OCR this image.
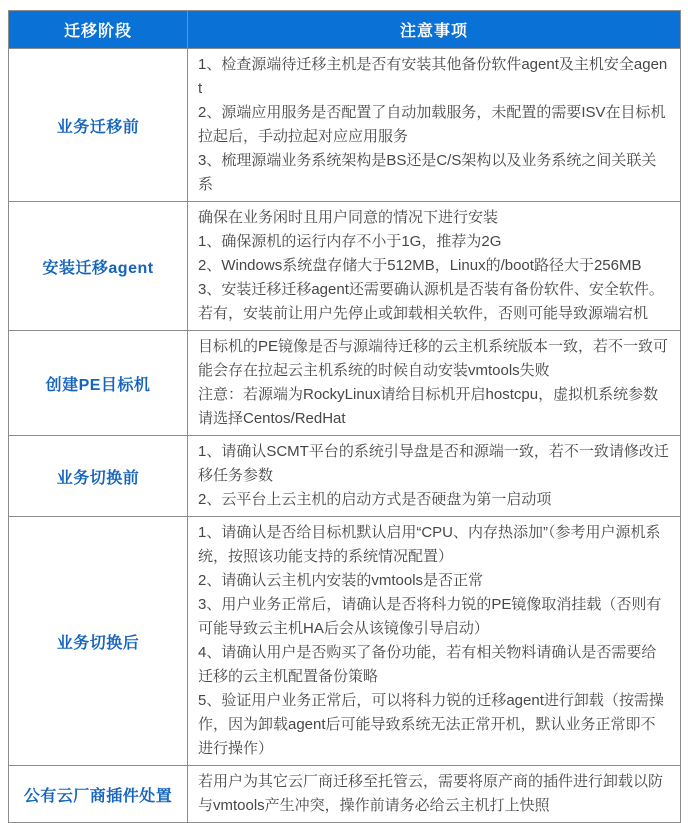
迁移阶段	注意事项
业务迁移前	1、检查源端待迁移主机是否有安装其他备份软件agent及主机安全agent
2、源端应用服务是否配置了自动加载服务，未配置的需要ISV在目标机拉起后，手动拉起对应应用服务
3、梳理源端业务系统架构是BS还是C/S架构以及业务系统之间关联关系

安装迁移agent	确保在业务闲时且用户同意的情况下进行安装
1、确保源机的运行内存不小于1G，推荐为2G
2、Windows系统盘存储大于512MB，Linux的/boot路径大于256MB
3、安装迁移迁移agent还需要确认源机是否装有备份软件、安全软件。若有，安装前让用户先停止或卸载相关软件，否则可能导致源端宕机

创建PE目标机	目标机的PE镜像是否与源端待迁移的云主机系统版本一致，若不一致可能会存在拉起云主机系统的时候自动安装vmtools失败
注意：若源端为RockyLinux请给目标机开启hostcpu，虚拟机系统参数请选择Centos/RedHat

业务切换前	1、请确认SCMT平台的系统引导盘是否和源端一致，若不一致请修改迁移任务参数
2、云平台上云主机的启动方式是否硬盘为第一启动项

业务切换后	1、请确认是否给目标机默认启用“CPU、内存热添加”（参考用户源机系统，按照该功能支持的系统情况配置）
2、请确认云主机内安装的vmtools是否正常
3、用户业务正常后，请确认是否将科力锐的PE镜像取消挂载（否则有可能导致云主机HA后会从该镜像引导启动）
4、请确认用户是否购买了备份功能，若有相关物料请确认是否需要给迁移的云主机配置备份策略
5、验证用户业务正常后，可以将科力锐的迁移agent进行卸载（按需操作，因为卸载agent后可能导致系统无法正常开机，默认业务正常即不进行操作）

公有云厂商插件处置	若用户为其它云厂商迁移至托管云，需要将原产商的插件进行卸载以防与vmtools产生冲突，操作前请务必给云主机打上快照
